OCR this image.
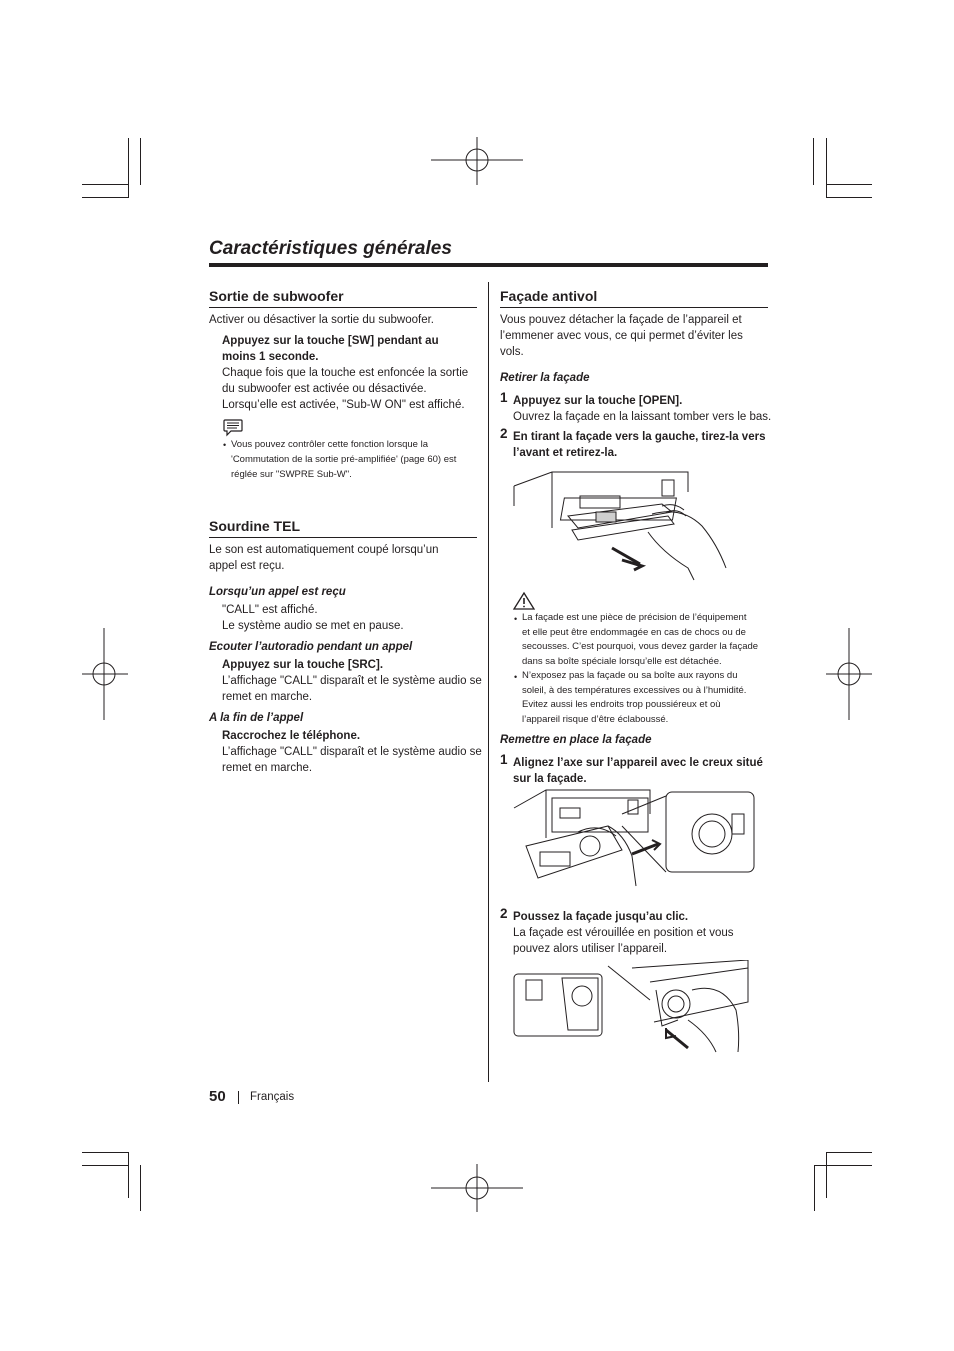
Caractéristiques générales
Sortie de subwoofer
Activer ou désactiver la sortie du subwoofer.
Appuyez sur la touche [SW] pendant au
moins 1 seconde.
Chaque fois que la touche est enfoncée la sortie
du subwoofer est activée ou désactivée.
Lorsqu’elle est activée, "Sub-W ON" est affiché.
• Vous pouvez contrôler cette fonction lorsque la
'Commutation de la sortie pré-amplifiée' (page 60) est
réglée sur "SWPRE Sub-W".
Sourdine TEL
Le son est automatiquement coupé lorsqu’un
appel est reçu.
Lorsqu’un appel est reçu
"CALL" est affiché.
Le système audio se met en pause.
Ecouter l’autoradio pendant un appel
Appuyez sur la touche [SRC].
L’affichage "CALL" disparaît et le système audio se
remet en marche.
A la fin de l’appel
Raccrochez le téléphone.
L’affichage "CALL" disparaît et le système audio se
remet en marche.
Façade antivol
Vous pouvez détacher la façade de l’appareil et
l’emmener avec vous, ce qui permet d’éviter les
vols.
Retirer la façade
1 Appuyez sur la touche [OPEN].
Ouvrez la façade en la laissant tomber vers le bas.
2 En tirant la façade vers la gauche, tirez-la vers
l’avant et retirez-la.
• La façade est une pièce de précision de l’équipement
et elle peut être endommagée en cas de chocs ou de
secousses. C’est pourquoi, vous devez garder la façade
dans sa boîte spéciale lorsqu’elle est détachée.
• N’exposez pas la façade ou sa boîte aux rayons du
soleil, à des températures excessives ou à l’humidité.
Evitez aussi les endroits trop poussiéreux et où
l’appareil risque d’être éclaboussé.
Remettre en place la façade
1 Alignez l’axe sur l’appareil avec le creux situé
sur la façade.
2 Poussez la façade jusqu’au clic.
La façade est vérouillée en position et vous
pouvez alors utiliser l’appareil.
50 Français
